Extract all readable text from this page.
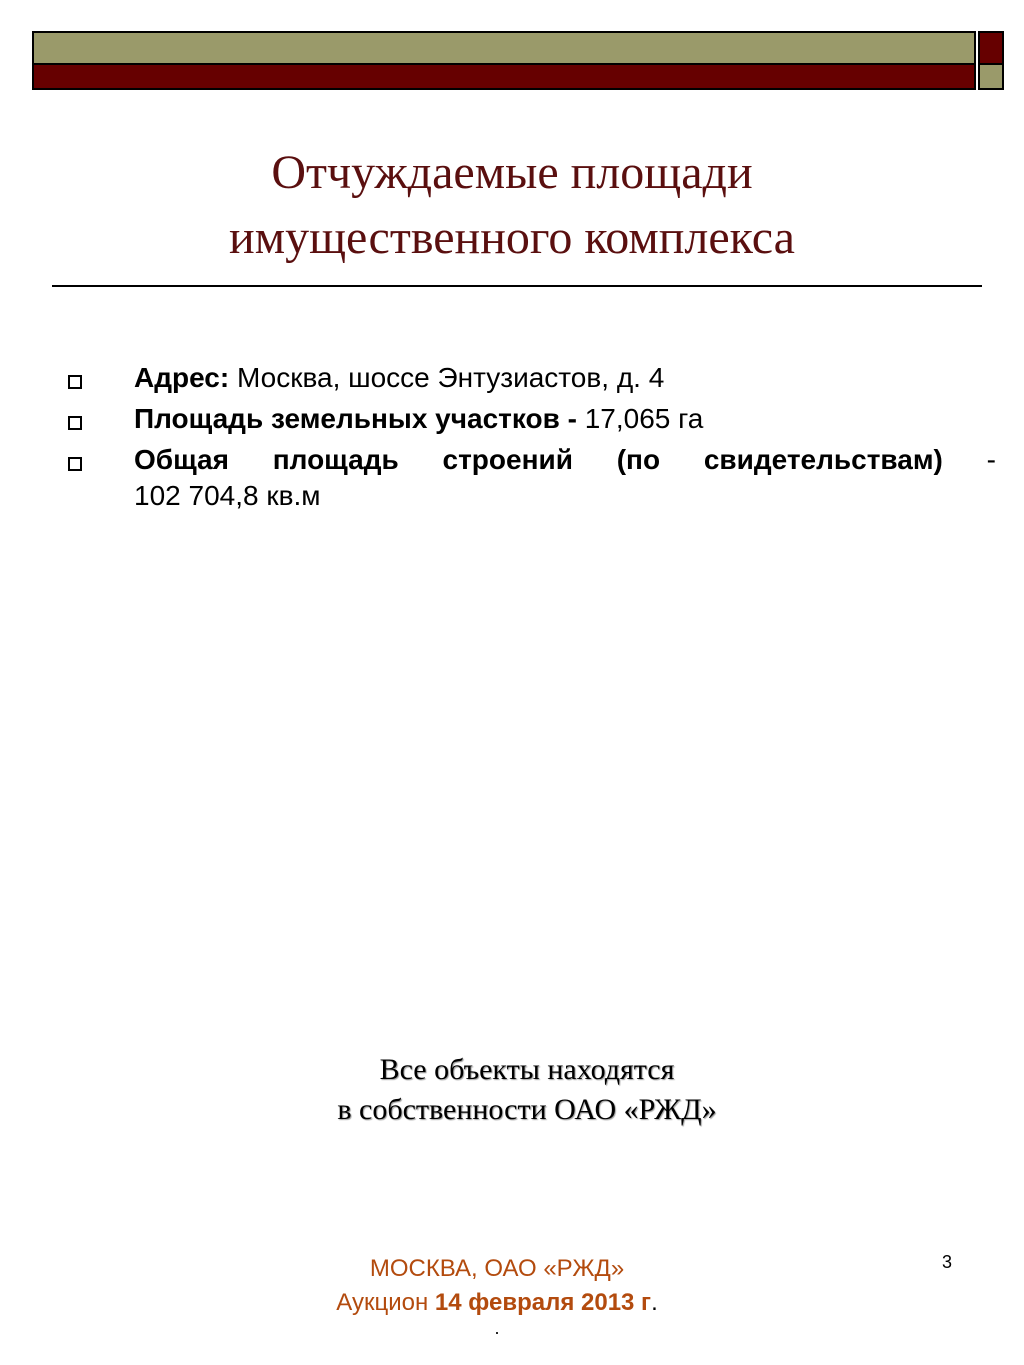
Отчуждаемые площади
имущественного комплекса
Адрес: Москва, шоссе Энтузиастов, д. 4
Площадь земельных участков - 17,065 га
Общая площадь строений (по свидетельствам) -
102 704,8 кв.м
Все объекты находятся
в собственности ОАО «РЖД»
3
МОСКВА, ОАО «РЖД»
Аукцион 14 февраля 2013 г.
.
